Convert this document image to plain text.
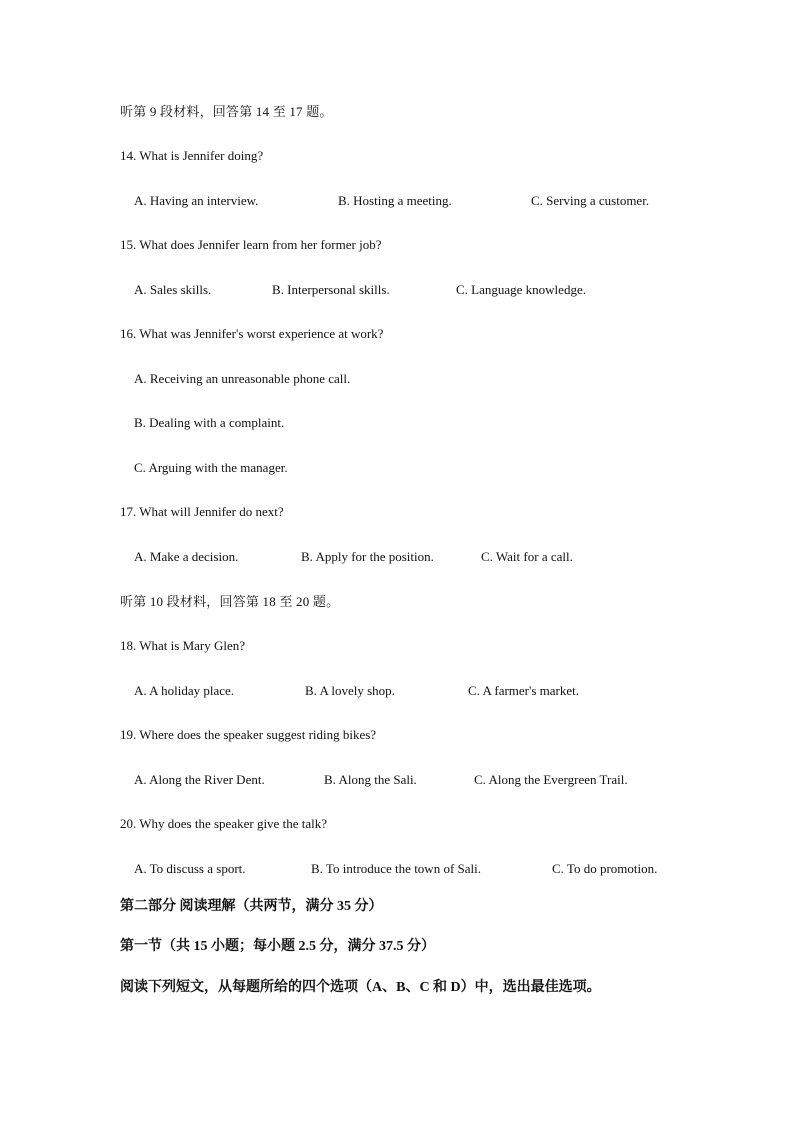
听第 9 段材料，回答第 14 至 17 题。
14. What is Jennifer doing?
A. Having an interview.	B. Hosting a meeting.	C. Serving a customer.
15. What does Jennifer learn from her former job?
A. Sales skills.	B. Interpersonal skills.	C. Language knowledge.
16. What was Jennifer's worst experience at work?
A. Receiving an unreasonable phone call.
B. Dealing with a complaint.
C. Arguing with the manager.
17. What will Jennifer do next?
A. Make a decision.	B. Apply for the position.	C. Wait for a call.
听第 10 段材料，回答第 18 至 20 题。
18. What is Mary Glen?
A. A holiday place.	B. A lovely shop.	C. A farmer's market.
19. Where does the speaker suggest riding bikes?
A. Along the River Dent.	B. Along the Sali.	C. Along the Evergreen Trail.
20. Why does the speaker give the talk?
A. To discuss a sport.	B. To introduce the town of Sali.	C. To do promotion.
第二部分 阅读理解（共两节，满分 35 分）
第一节（共 15 小题；每小题 2.5 分，满分 37.5 分）
阅读下列短文，从每题所给的四个选项（A、B、C 和 D）中，选出最佳选项。
